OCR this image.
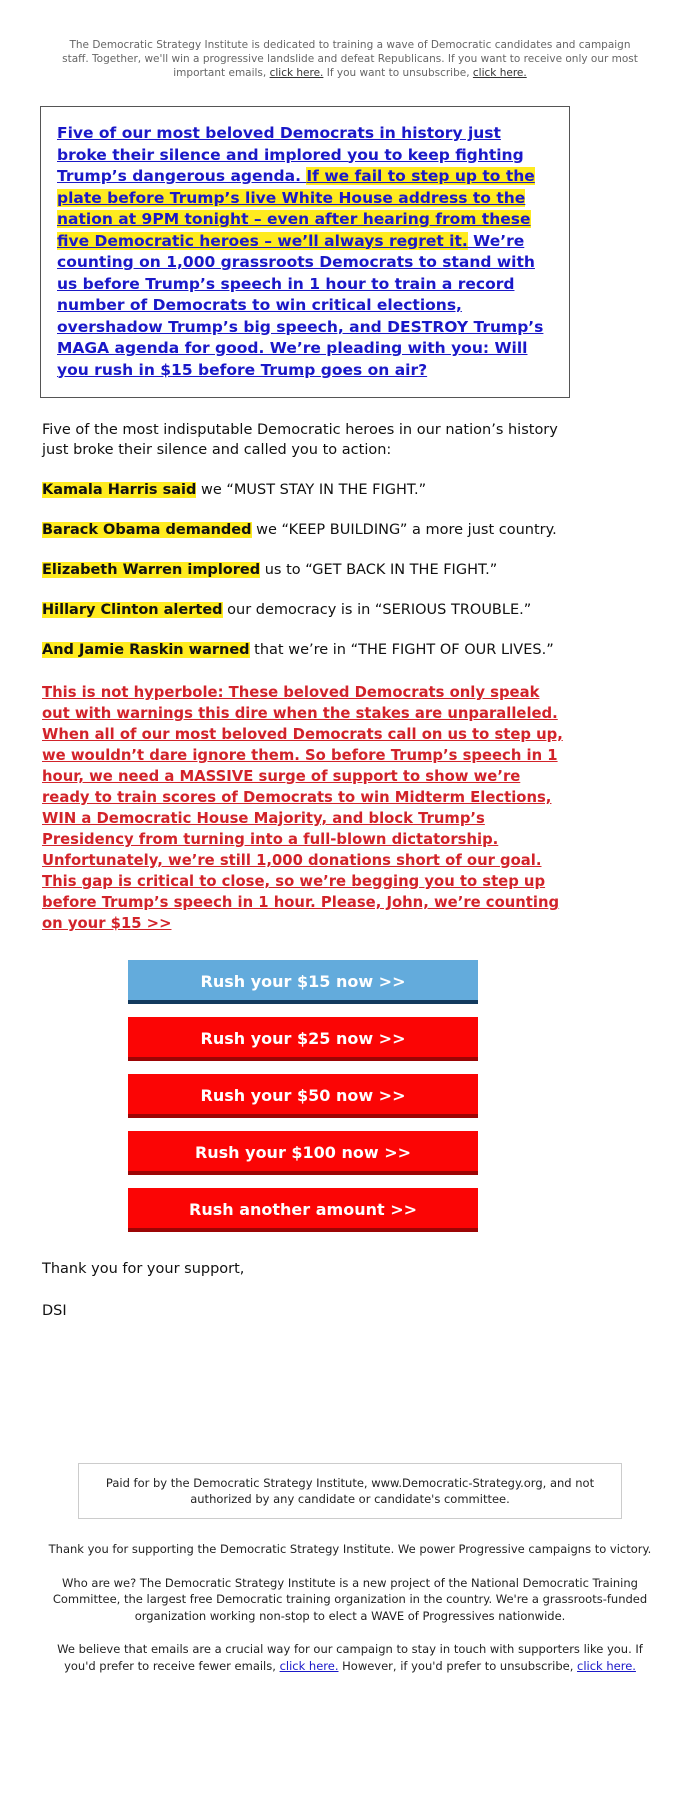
The Democratic Strategy Institute is dedicated to training a wave of Democratic candidates and campaign staff. Together, we'll win a progressive landslide and defeat Republicans. If you want to receive only our most important emails, click here. If you want to unsubscribe, click here.

Five of our most beloved Democrats in history just broke their silence and implored you to keep fighting Trump’s dangerous agenda. If we fail to step up to the plate before Trump’s live White House address to the nation at 9PM tonight – even after hearing from these five Democratic heroes – we’ll always regret it. We’re counting on 1,000 grassroots Democrats to stand with us before Trump’s speech in 1 hour to train a record number of Democrats to win critical elections, overshadow Trump’s big speech, and DESTROY Trump’s MAGA agenda for good. We’re pleading with you: Will you rush in $15 before Trump goes on air?

Five of the most indisputable Democratic heroes in our nation’s history just broke their silence and called you to action:

Kamala Harris said we “MUST STAY IN THE FIGHT.”

Barack Obama demanded we “KEEP BUILDING” a more just country.

Elizabeth Warren implored us to “GET BACK IN THE FIGHT.”

Hillary Clinton alerted our democracy is in “SERIOUS TROUBLE.”

And Jamie Raskin warned that we’re in “THE FIGHT OF OUR LIVES.”

This is not hyperbole: These beloved Democrats only speak out with warnings this dire when the stakes are unparalleled. When all of our most beloved Democrats call on us to step up, we wouldn’t dare ignore them. So before Trump’s speech in 1 hour, we need a MASSIVE surge of support to show we’re ready to train scores of Democrats to win Midterm Elections, WIN a Democratic House Majority, and block Trump’s Presidency from turning into a full-blown dictatorship. Unfortunately, we’re still 1,000 donations short of our goal. This gap is critical to close, so we’re begging you to step up before Trump’s speech in 1 hour. Please, John, we’re counting on your $15 >>

Rush your $15 now >>
Rush your $25 now >>
Rush your $50 now >>
Rush your $100 now >>
Rush another amount >>

Thank you for your support,

DSI

Paid for by the Democratic Strategy Institute, www.Democratic-Strategy.org, and not authorized by any candidate or candidate's committee.

Thank you for supporting the Democratic Strategy Institute. We power Progressive campaigns to victory.

Who are we? The Democratic Strategy Institute is a new project of the National Democratic Training Committee, the largest free Democratic training organization in the country. We're a grassroots-funded organization working non-stop to elect a WAVE of Progressives nationwide.

We believe that emails are a crucial way for our campaign to stay in touch with supporters like you. If you'd prefer to receive fewer emails, click here. However, if you'd prefer to unsubscribe, click here.
